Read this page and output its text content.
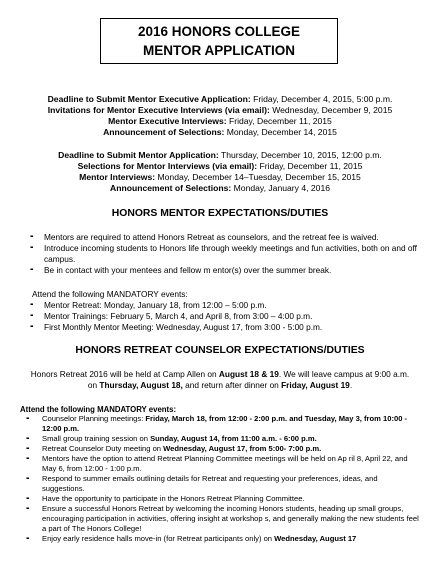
2016 HONORS COLLEGE
MENTOR APPLICATION
Deadline to Submit Mentor Executive Application: Friday, December 4, 2015, 5:00 p.m.
Invitations for Mentor Executive Interviews (via email): Wednesday, December 9, 2015
Mentor Executive Interviews: Friday, December 11, 2015
Announcement of Selections: Monday, December 14, 2015
Deadline to Submit Mentor Application: Thursday, December 10, 2015, 12:00 p.m.
Selections for Mentor Interviews (via email): Friday, December 11, 2015
Mentor Interviews: Monday, December 14–Tuesday, December 15, 2015
Announcement of Selections: Monday, January 4, 2016
HONORS MENTOR EXPECTATIONS/DUTIES
▪▪ Mentors are required to attend Honors Retreat as counselors, and the retreat fee is waived.
▪▪ Introduce incoming students to Honors life through weekly meetings and fun activities, both on and off campus.
▪▪ Be in contact with your mentees and fellow m entor(s) over the summer break.
Attend the following MANDATORY events:
▪▪ Mentor Retreat: Monday, January 18, from 12:00 – 5:00 p.m.
▪▪ Mentor Trainings: February 5, March 4, and April 8, from 3:00 – 4:00 p.m.
▪▪ First Monthly Mentor Meeting: Wednesday, August 17, from 3:00 - 5:00 p.m.
HONORS RETREAT COUNSELOR EXPECTATIONS/DUTIES
Honors Retreat 2016 will be held at Camp Allen on August 18 & 19. We will leave campus at 9:00 a.m.
on Thursday, August 18, and return after dinner on Friday, August 19.
Attend the following MANDATORY events:
▪▪ Counselor Planning meetings: Friday, March 18, from 12:00 - 2:00 p.m. and Tuesday, May 3, from 10:00 - 12:00 p.m.
▪▪ Small group training session on Sunday, August 14, from 11:00 a.m. - 6:00 p.m.
▪▪ Retreat Counselor Duty meeting on Wednesday, August 17, from 5:00- 7:00 p.m.
▪▪ Mentors have the option to attend Retreat Planning Committee meetings will be held on Ap ril 8, April 22, and May 6, from 12:00 - 1:00 p.m.
▪▪ Respond to summer emails outlining details for Retreat and requesting your preferences, ideas, and suggestions.
▪▪ Have the opportunity to participate in the Honors Retreat Planning Committee.
▪▪ Ensure a successful Honors Retreat by welcoming the incoming Honors students, heading up small groups, encouraging participation in activities, offering insight at workshop s, and generally making the new students feel a part of The Honors College!
▪▪ Enjoy early residence halls move-in (for Retreat participants only) on Wednesday, August 17
